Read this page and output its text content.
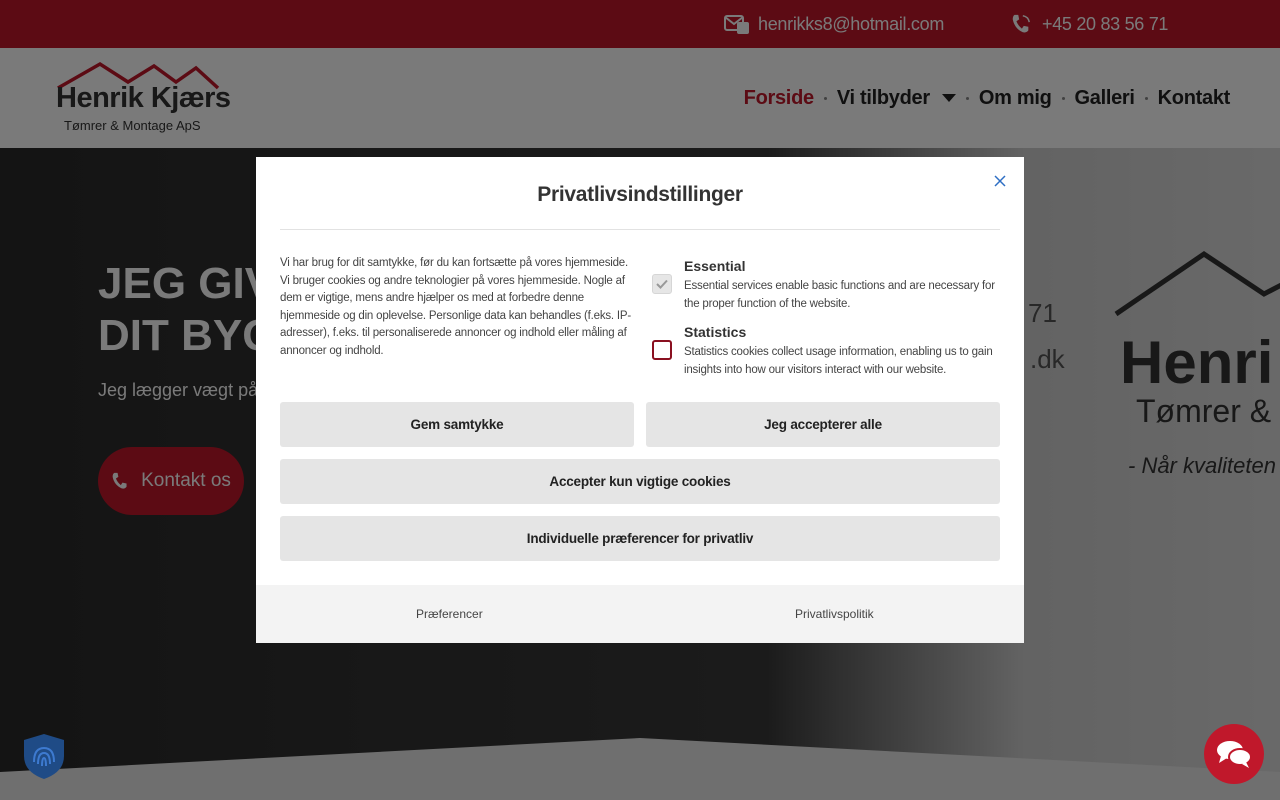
Privatlivsindstillinger

Vi har brug for dit samtykke, før du kan fortsætte på vores hjemmeside. Vi bruger cookies og andre teknologier på vores hjemmeside. Nogle af dem er vigtige, mens andre hjælper os med at forbedre denne hjemmeside og din oplevelse. Personlige data kan behandles (f.eks. IP-adresser), f.eks. til personaliserede annoncer og indhold eller måling af annoncer og indhold.

Essential
Essential services enable basic functions and are necessary for the proper function of the website.
Statistics
Statistics cookies collect usage information, enabling us to gain insights into how our visitors interact with our website.
Gem samtykke	Jeg accepterer alle
Accepter kun vigtige cookies
Individuelle præferencer for privatliv
Præferencer	Privatlivspolitik
